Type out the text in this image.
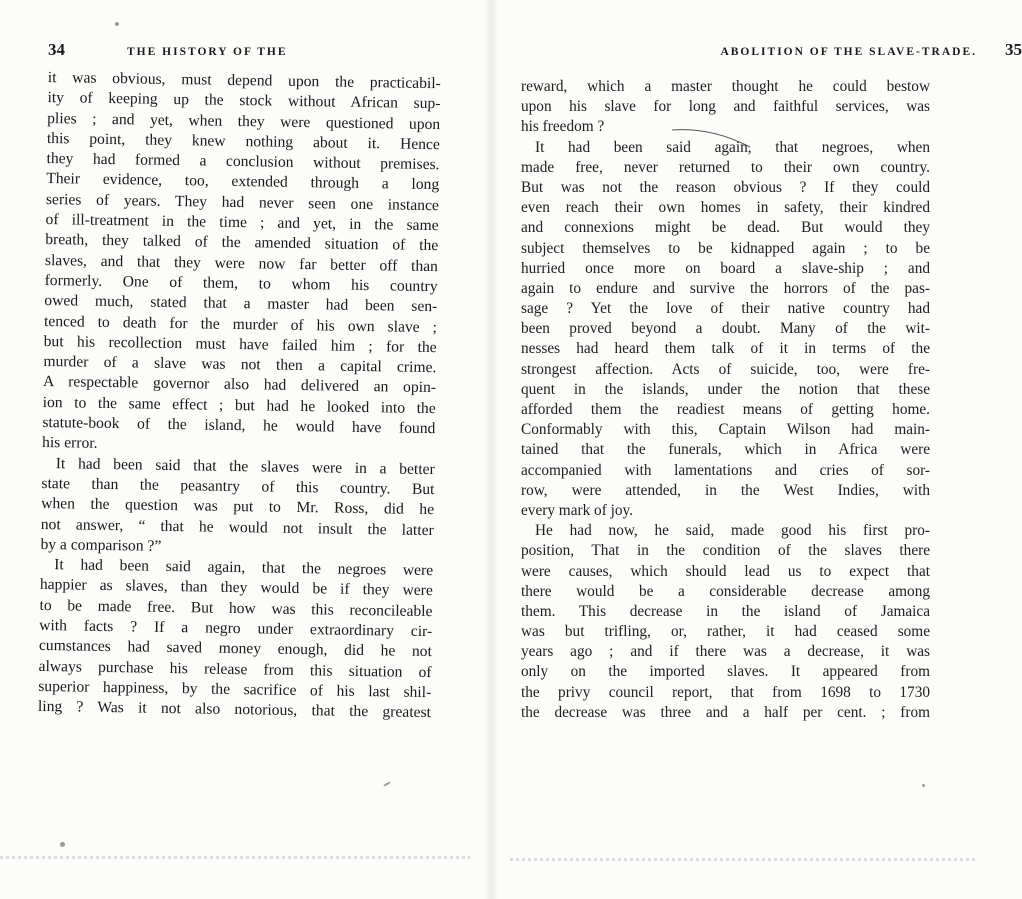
34	THE HISTORY OF THE
it was obvious, must depend upon the practicabil-
ity of keeping up the stock without African sup-
plies ; and yet, when they were questioned upon
this point, they knew nothing about it. Hence
they had formed a conclusion without premises.
Their evidence, too, extended through a long
series of years. They had never seen one instance
of ill-treatment in the time ; and yet, in the same
breath, they talked of the amended situation of the
slaves, and that they were now far better off than
formerly. One of them, to whom his country
owed much, stated that a master had been sen-
tenced to death for the murder of his own slave ;
but his recollection must have failed him ; for the
murder of a slave was not then a capital crime.
A respectable governor also had delivered an opin-
ion to the same effect ; but had he looked into the
statute-book of the island, he would have found
his error.
It had been said that the slaves were in a better
state than the peasantry of this country. But
when the question was put to Mr. Ross, did he
not answer, “ that he would not insult the latter
by a comparison ?”
It had been said again, that the negroes were
happier as slaves, than they would be if they were
to be made free. But how was this reconcileable
with facts ? If a negro under extraordinary cir-
cumstances had saved money enough, did he not
always purchase his release from this situation of
superior happiness, by the sacrifice of his last shil-
ling ? Was it not also notorious, that the greatest
ABOLITION OF THE SLAVE-TRADE. 35
reward, which a master thought he could bestow
upon his slave for long and faithful services, was
his freedom ?
It had been said again, that negroes, when
made free, never returned to their own country.
But was not the reason obvious ? If they could
even reach their own homes in safety, their kindred
and connexions might be dead. But would they
subject themselves to be kidnapped again ; to be
hurried once more on board a slave-ship ; and
again to endure and survive the horrors of the pas-
sage ? Yet the love of their native country had
been proved beyond a doubt. Many of the wit-
nesses had heard them talk of it in terms of the
strongest affection. Acts of suicide, too, were fre-
quent in the islands, under the notion that these
afforded them the readiest means of getting home.
Conformably with this, Captain Wilson had main-
tained that the funerals, which in Africa were
accompanied with lamentations and cries of sor-
row, were attended, in the West Indies, with
every mark of joy.
He had now, he said, made good his first pro-
position, That in the condition of the slaves there
were causes, which should lead us to expect that
there would be a considerable decrease among
them. This decrease in the island of Jamaica
was but trifling, or, rather, it had ceased some
years ago ; and if there was a decrease, it was
only on the imported slaves. It appeared from
the privy council report, that from 1698 to 1730
the decrease was three and a half per cent. ; from
